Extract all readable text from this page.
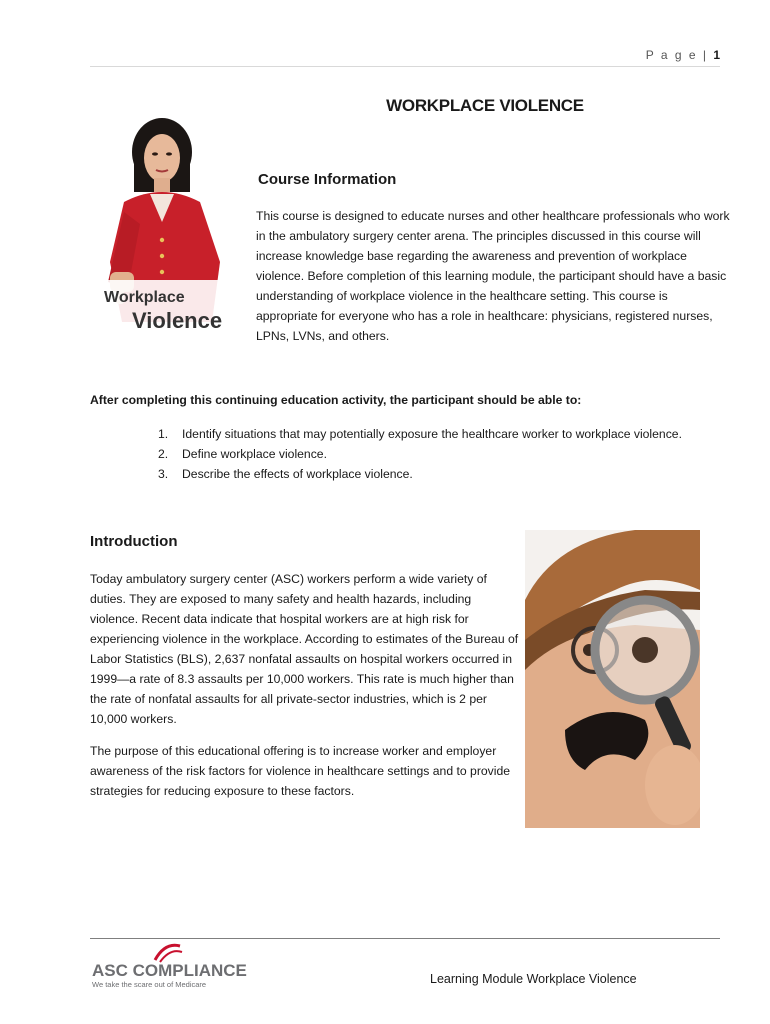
P a g e | 1
WORKPLACE VIOLENCE
Workplace
Violence
Course Information
This course is designed to educate nurses and other healthcare professionals who work in the ambulatory surgery center arena. The principles discussed in this course will increase knowledge base regarding the awareness and prevention of workplace violence. Before completion of this learning module, the participant should have a basic understanding of workplace violence in the healthcare setting. This course is appropriate for everyone who has a role in healthcare: physicians, registered nurses, LPNs, LVNs, and others.
After completing this continuing education activity, the participant should be able to:
1.	Identify situations that may potentially exposure the healthcare worker to workplace violence.
2.	Define workplace violence.
3.	Describe the effects of workplace violence.
Introduction
Today ambulatory surgery center (ASC) workers perform a wide variety of duties. They are exposed to many safety and health hazards, including violence. Recent data indicate that hospital workers are at high risk for experiencing violence in the workplace. According to estimates of the Bureau of Labor Statistics (BLS), 2,637 nonfatal assaults on hospital workers occurred in 1999—a rate of 8.3 assaults per 10,000 workers. This rate is much higher than the rate of nonfatal assaults for all private-sector industries, which is 2 per 10,000 workers.
The purpose of this educational offering is to increase worker and employer awareness of the risk factors for violence in healthcare settings and to provide strategies for reducing exposure to these factors.
ASC COMPLIANCE
We take the scare out of Medicare	Learning Module Workplace Violence
